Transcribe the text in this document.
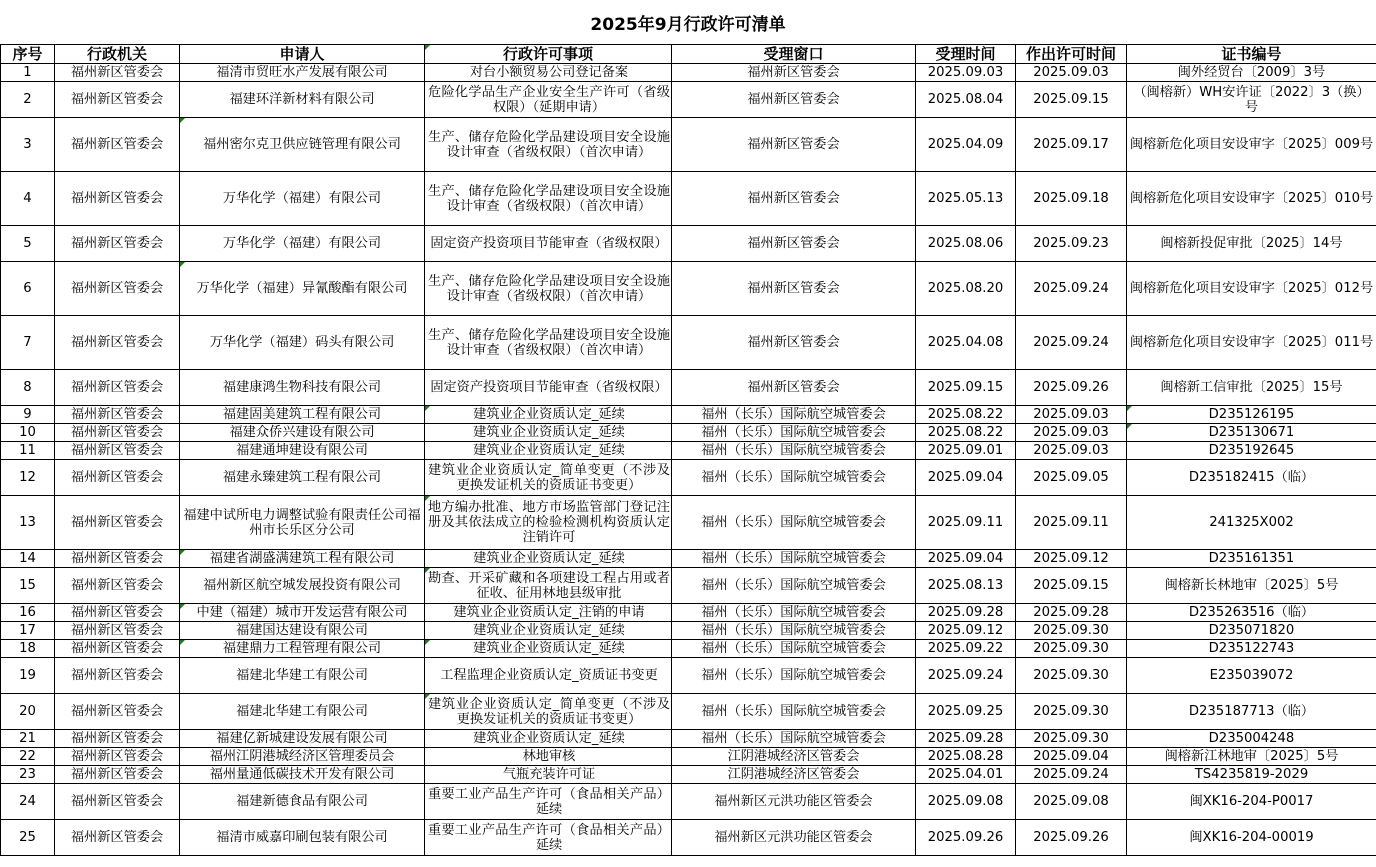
2025年9月行政许可清单
序号	行政机关	申请人	行政许可事项	受理窗口	受理时间	作出许可时间	证书编号
1	福州新区管委会	福清市贸旺水产发展有限公司	对台小额贸易公司登记备案	福州新区管委会	2025.09.03	2025.09.03	闽外经贸台〔2009〕3号
2	福州新区管委会	福建环洋新材料有限公司	危险化学品生产企业安全生产许可（省级权限）（延期申请）	福州新区管委会	2025.08.04	2025.09.15	（闽榕新）WH安许证〔2022〕3（换）号
3	福州新区管委会	福州密尔克卫供应链管理有限公司	生产、储存危险化学品建设项目安全设施设计审查（省级权限）（首次申请）	福州新区管委会	2025.04.09	2025.09.17	闽榕新危化项目安设审字〔2025〕009号
4	福州新区管委会	万华化学（福建）有限公司	生产、储存危险化学品建设项目安全设施设计审查（省级权限）（首次申请）	福州新区管委会	2025.05.13	2025.09.18	闽榕新危化项目安设审字〔2025〕010号
5	福州新区管委会	万华化学（福建）有限公司	固定资产投资项目节能审查（省级权限）	福州新区管委会	2025.08.06	2025.09.23	闽榕新投促审批〔2025〕14号
6	福州新区管委会	万华化学（福建）异氰酸酯有限公司	生产、储存危险化学品建设项目安全设施设计审查（省级权限）（首次申请）	福州新区管委会	2025.08.20	2025.09.24	闽榕新危化项目安设审字〔2025〕012号
7	福州新区管委会	万华化学（福建）码头有限公司	生产、储存危险化学品建设项目安全设施设计审查（省级权限）（首次申请）	福州新区管委会	2025.04.08	2025.09.24	闽榕新危化项目安设审字〔2025〕011号
8	福州新区管委会	福建康鸿生物科技有限公司	固定资产投资项目节能审查（省级权限）	福州新区管委会	2025.09.15	2025.09.26	闽榕新工信审批〔2025〕15号
9	福州新区管委会	福建固美建筑工程有限公司	建筑业企业资质认定_延续	福州（长乐）国际航空城管委会	2025.08.22	2025.09.03	D235126195
10	福州新区管委会	福建众侨兴建设有限公司	建筑业企业资质认定_延续	福州（长乐）国际航空城管委会	2025.08.22	2025.09.03	D235130671
11	福州新区管委会	福建通坤建设有限公司	建筑业企业资质认定_延续	福州（长乐）国际航空城管委会	2025.09.01	2025.09.03	D235192645
12	福州新区管委会	福建永臻建筑工程有限公司	建筑业企业资质认定_简单变更（不涉及更换发证机关的资质证书变更）	福州（长乐）国际航空城管委会	2025.09.04	2025.09.05	D235182415（临）
13	福州新区管委会	福建中试所电力调整试验有限责任公司福州市长乐区分公司	地方编办批准、地方市场监管部门登记注册及其依法成立的检验检测机构资质认定注销许可	福州（长乐）国际航空城管委会	2025.09.11	2025.09.11	241325X002
14	福州新区管委会	福建省湖盛满建筑工程有限公司	建筑业企业资质认定_延续	福州（长乐）国际航空城管委会	2025.09.04	2025.09.12	D235161351
15	福州新区管委会	福州新区航空城发展投资有限公司	勘查、开采矿藏和各项建设工程占用或者征收、征用林地县级审批	福州（长乐）国际航空城管委会	2025.08.13	2025.09.15	闽榕新长林地审〔2025〕5号
16	福州新区管委会	中建（福建）城市开发运营有限公司	建筑业企业资质认定_注销的申请	福州（长乐）国际航空城管委会	2025.09.28	2025.09.28	D235263516（临）
17	福州新区管委会	福建国达建设有限公司	建筑业企业资质认定_延续	福州（长乐）国际航空城管委会	2025.09.12	2025.09.30	D235071820
18	福州新区管委会	福建鼎力工程管理有限公司	建筑业企业资质认定_延续	福州（长乐）国际航空城管委会	2025.09.22	2025.09.30	D235122743
19	福州新区管委会	福建北华建工有限公司	工程监理企业资质认定_资质证书变更	福州（长乐）国际航空城管委会	2025.09.24	2025.09.30	E235039072
20	福州新区管委会	福建北华建工有限公司	建筑业企业资质认定_简单变更（不涉及更换发证机关的资质证书变更）	福州（长乐）国际航空城管委会	2025.09.25	2025.09.30	D235187713（临）
21	福州新区管委会	福建亿新城建设发展有限公司	建筑业企业资质认定_延续	福州（长乐）国际航空城管委会	2025.09.28	2025.09.30	D235004248
22	福州新区管委会	福州江阴港城经济区管理委员会	林地审核	江阴港城经济区管委会	2025.08.28	2025.09.04	闽榕新江林地审〔2025〕5号
23	福州新区管委会	福州量通低碳技术开发有限公司	气瓶充装许可证	江阴港城经济区管委会	2025.04.01	2025.09.24	TS4235819-2029
24	福州新区管委会	福建新德食品有限公司	重要工业产品生产许可（食品相关产品）延续	福州新区元洪功能区管委会	2025.09.08	2025.09.08	闽XK16-204-P0017
25	福州新区管委会	福清市威嘉印刷包装有限公司	重要工业产品生产许可（食品相关产品）延续	福州新区元洪功能区管委会	2025.09.26	2025.09.26	闽XK16-204-00019
